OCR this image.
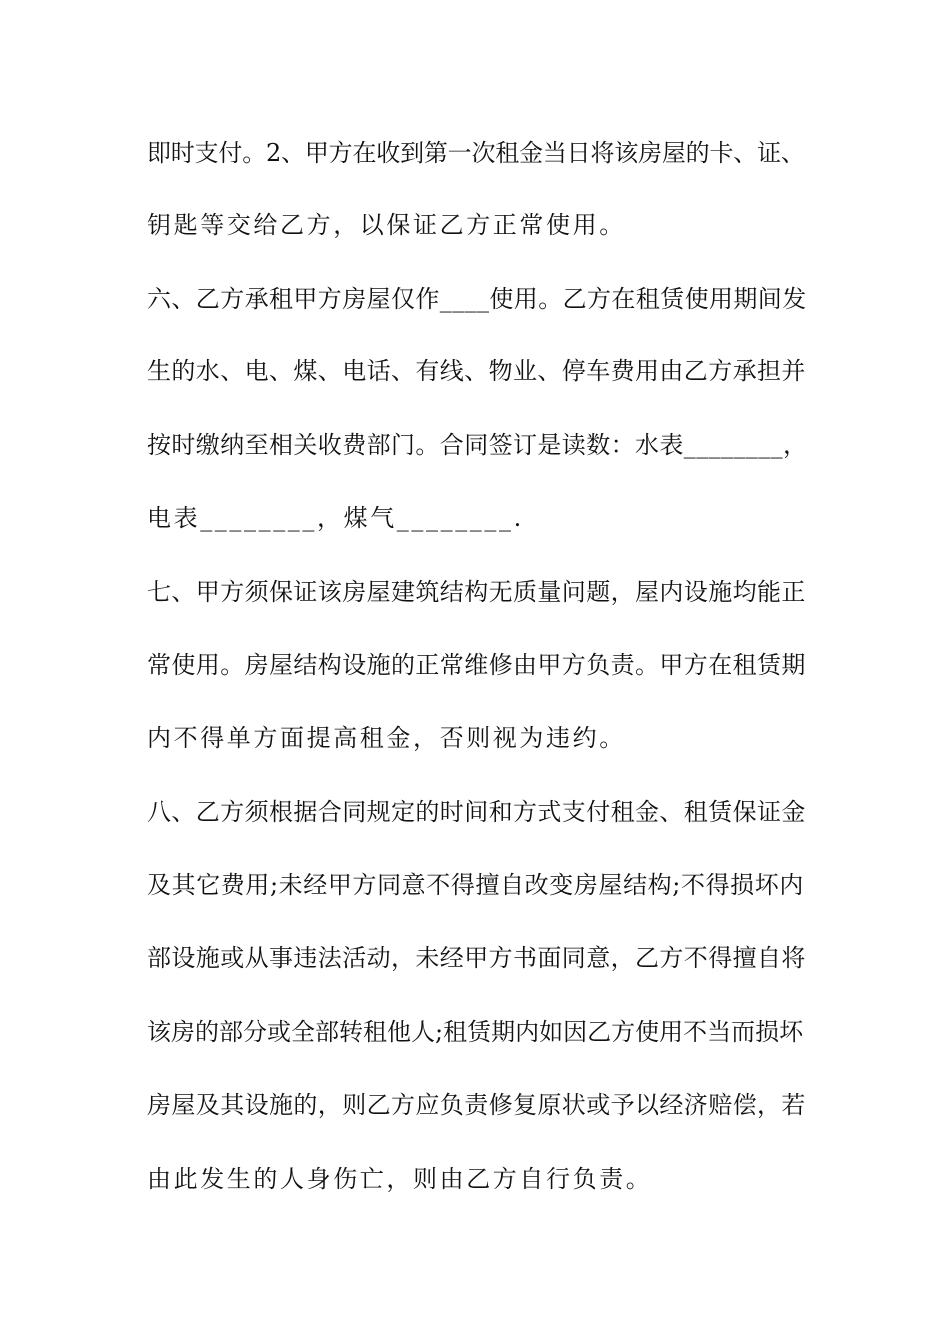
即时支付。2、甲方在收到第一次租金当日将该房屋的卡、证、
钥匙等交给乙方，以保证乙方正常使用。
六、乙方承租甲方房屋仅作____使用。乙方在租赁使用期间发
生的水、电、煤、电话、有线、物业、停车费用由乙方承担并
按时缴纳至相关收费部门。合同签订是读数：水表________，
电表________，煤气________.
七、甲方须保证该房屋建筑结构无质量问题，屋内设施均能正
常使用。房屋结构设施的正常维修由甲方负责。甲方在租赁期
内不得单方面提高租金，否则视为违约。
八、乙方须根据合同规定的时间和方式支付租金、租赁保证金
及其它费用;未经甲方同意不得擅自改变房屋结构;不得损坏内
部设施或从事违法活动，未经甲方书面同意，乙方不得擅自将
该房的部分或全部转租他人;租赁期内如因乙方使用不当而损坏
房屋及其设施的，则乙方应负责修复原状或予以经济赔偿，若
由此发生的人身伤亡，则由乙方自行负责。
